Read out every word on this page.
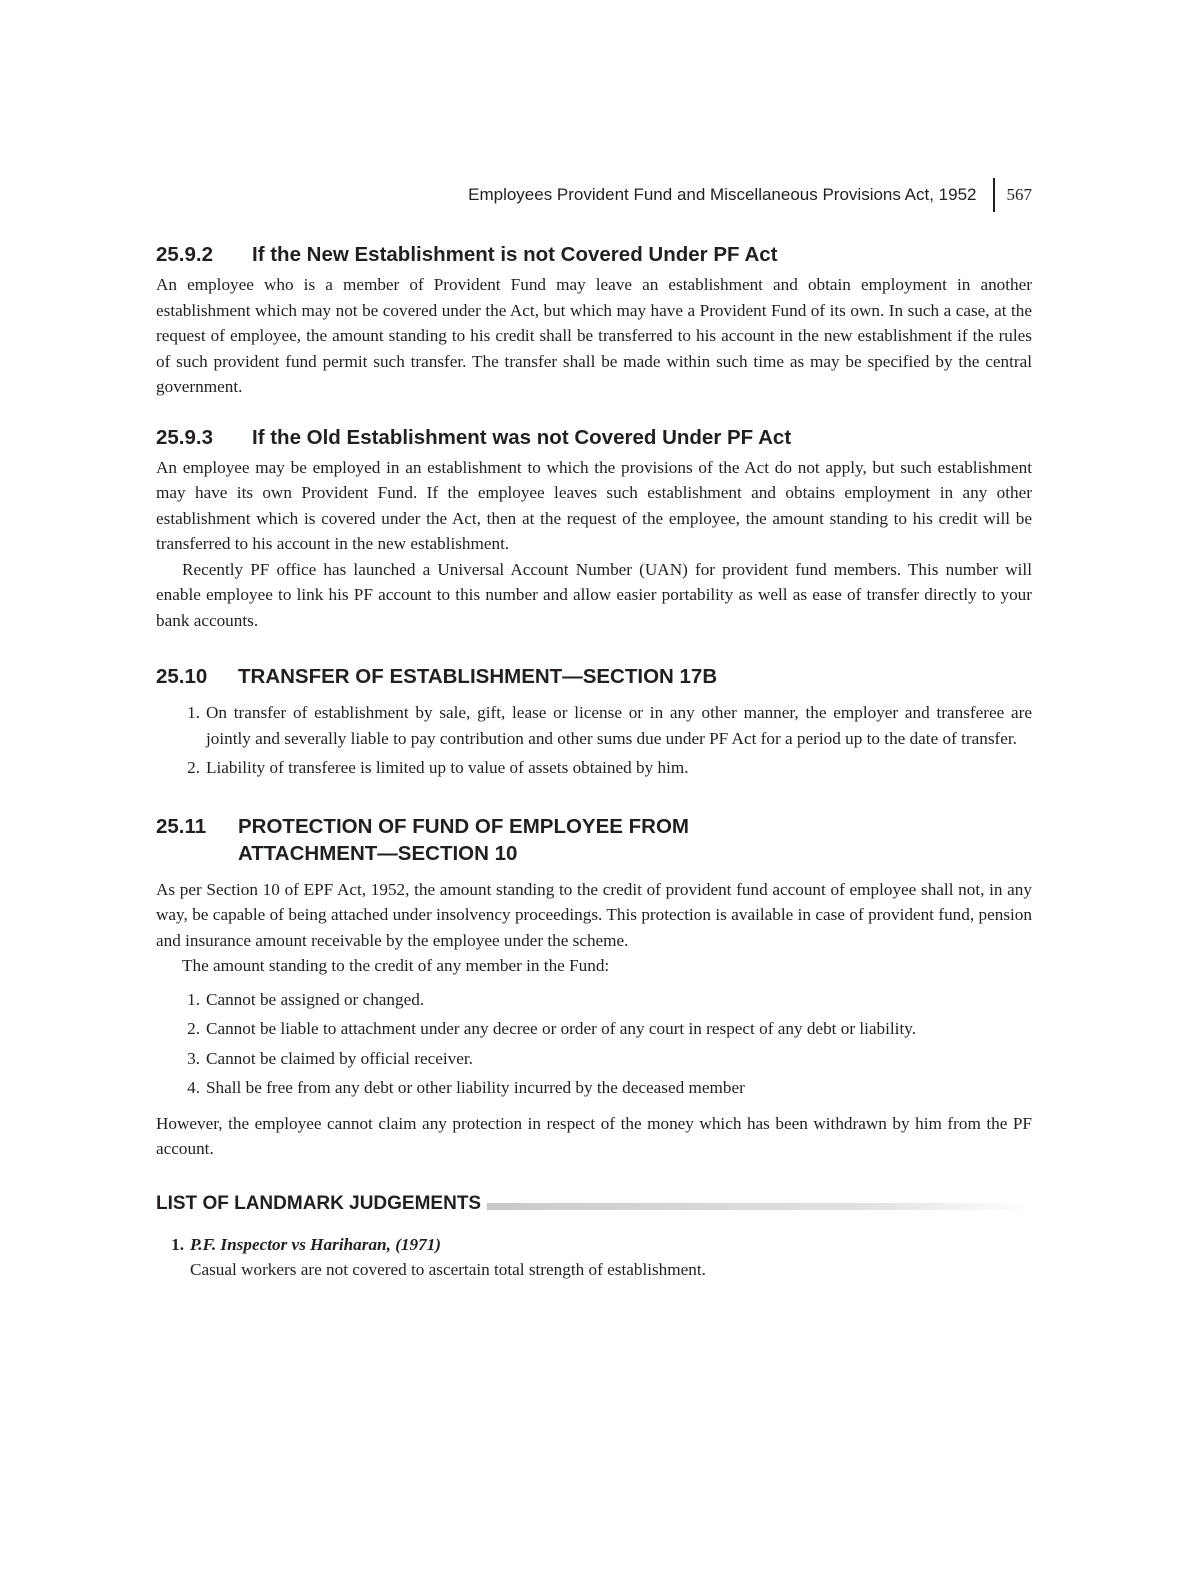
Employees Provident Fund and Miscellaneous Provisions Act, 1952 567
25.9.2 If the New Establishment is not Covered Under PF Act

An employee who is a member of Provident Fund may leave an establishment and obtain employment in another establishment which may not be covered under the Act, but which may have a Provident Fund of its own. In such a case, at the request of employee, the amount standing to his credit shall be transferred to his account in the new establishment if the rules of such provident fund permit such transfer. The transfer shall be made within such time as may be specified by the central government.

25.9.3 If the Old Establishment was not Covered Under PF Act

An employee may be employed in an establishment to which the provisions of the Act do not apply, but such establishment may have its own Provident Fund. If the employee leaves such establishment and obtains employment in any other establishment which is covered under the Act, then at the request of the employee, the amount standing to his credit will be transferred to his account in the new establishment.

Recently PF office has launched a Universal Account Number (UAN) for provident fund members. This number will enable employee to link his PF account to this number and allow easier portability as well as ease of transfer directly to your bank accounts.

25.10	TRANSFER OF ESTABLISHMENT—SECTION 17B
1. On transfer of establishment by sale, gift, lease or license or in any other manner, the employer and transferee are jointly and severally liable to pay contribution and other sums due under PF Act for a period up to the date of transfer.
2. Liability of transferee is limited up to value of assets obtained by him.
25.11	PROTECTION OF FUND OF EMPLOYEE FROM
ATTACHMENT—SECTION 10

As per Section 10 of EPF Act, 1952, the amount standing to the credit of provident fund account of employee shall not, in any way, be capable of being attached under insolvency proceedings. This protection is available in case of provident fund, pension and insurance amount receivable by the employee under the scheme.

The amount standing to the credit of any member in the Fund:

1. Cannot be assigned or changed.
2. Cannot be liable to attachment under any decree or order of any court in respect of any debt or liability.
3. Cannot be claimed by official receiver.
4. Shall be free from any debt or other liability incurred by the deceased member

However, the employee cannot claim any protection in respect of the money which has been withdrawn by him from the PF account.

LIST OF LANDMARK JUDGEMENTS
1. P.F. Inspector vs Hariharan, (1971)
Casual workers are not covered to ascertain total strength of establishment.
